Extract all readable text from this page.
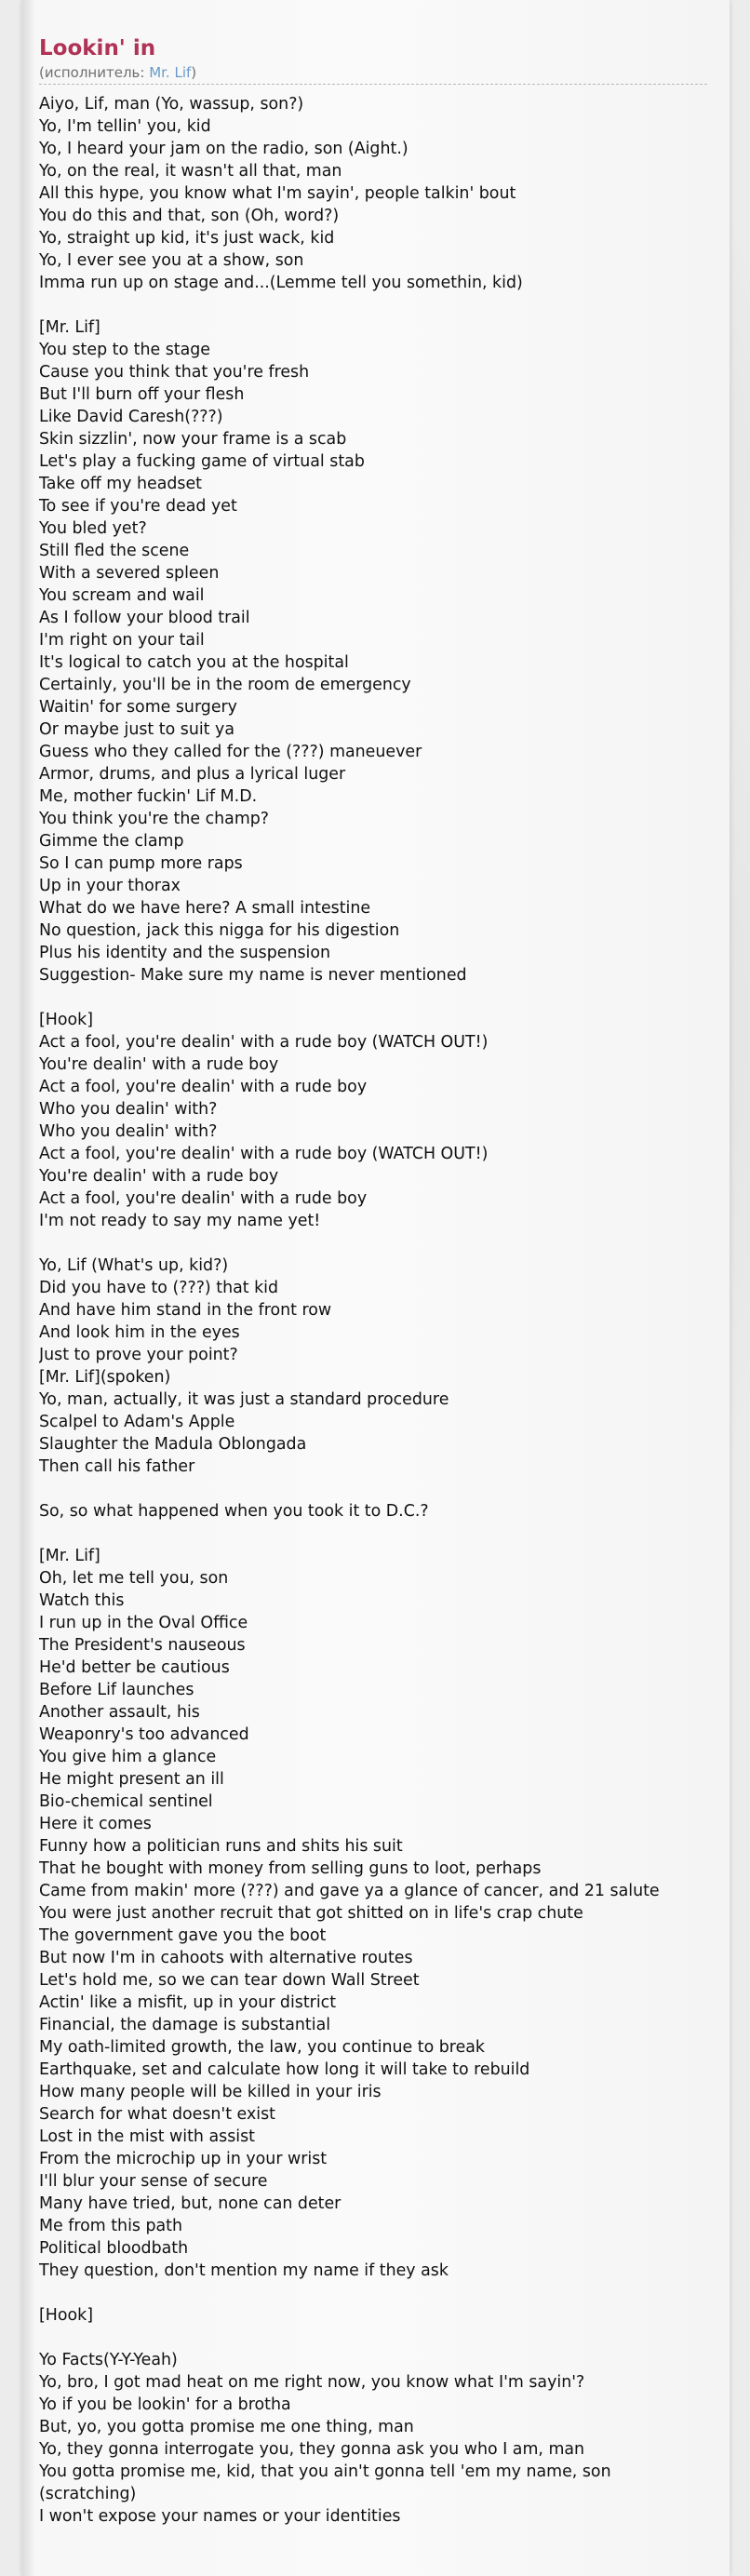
Lookin' in
(исполнитель: Mr. Lif)
Aiyo, Lif, man (Yo, wassup, son?)
Yo, I'm tellin' you, kid
Yo, I heard your jam on the radio, son (Aight.)
Yo, on the real, it wasn't all that, man
All this hype, you know what I'm sayin', people talkin' bout
You do this and that, son (Oh, word?)
Yo, straight up kid, it's just wack, kid
Yo, I ever see you at a show, son
Imma run up on stage and...(Lemme tell you somethin, kid)

[Mr. Lif]
You step to the stage
Cause you think that you're fresh
But I'll burn off your flesh
Like David Caresh(???)
Skin sizzlin', now your frame is a scab
Let's play a fucking game of virtual stab
Take off my headset
To see if you're dead yet
You bled yet?
Still fled the scene
With a severed spleen
You scream and wail
As I follow your blood trail
I'm right on your tail
It's logical to catch you at the hospital
Certainly, you'll be in the room de emergency
Waitin' for some surgery
Or maybe just to suit ya
Guess who they called for the (???) maneuever
Armor, drums, and plus a lyrical luger
Me, mother fuckin' Lif M.D.
You think you're the champ?
Gimme the clamp
So I can pump more raps
Up in your thorax
What do we have here? A small intestine
No question, jack this nigga for his digestion
Plus his identity and the suspension
Suggestion- Make sure my name is never mentioned

[Hook]
Act a fool, you're dealin' with a rude boy (WATCH OUT!)
You're dealin' with a rude boy
Act a fool, you're dealin' with a rude boy
Who you dealin' with?
Who you dealin' with?
Act a fool, you're dealin' with a rude boy (WATCH OUT!)
You're dealin' with a rude boy
Act a fool, you're dealin' with a rude boy
I'm not ready to say my name yet!

Yo, Lif (What's up, kid?)
Did you have to (???) that kid
And have him stand in the front row
And look him in the eyes
Just to prove your point?
[Mr. Lif](spoken)
Yo, man, actually, it was just a standard procedure
Scalpel to Adam's Apple
Slaughter the Madula Oblongada
Then call his father

So, so what happened when you took it to D.C.?

[Mr. Lif]
Oh, let me tell you, son
Watch this
I run up in the Oval Office
The President's nauseous
He'd better be cautious
Before Lif launches
Another assault, his
Weaponry's too advanced
You give him a glance
He might present an ill
Bio-chemical sentinel
Here it comes
Funny how a politician runs and shits his suit
That he bought with money from selling guns to loot, perhaps
Came from makin' more (???) and gave ya a glance of cancer, and 21 salute
You were just another recruit that got shitted on in life's crap chute
The government gave you the boot
But now I'm in cahoots with alternative routes
Let's hold me, so we can tear down Wall Street
Actin' like a misfit, up in your district
Financial, the damage is substantial
My oath-limited growth, the law, you continue to break
Earthquake, set and calculate how long it will take to rebuild
How many people will be killed in your iris
Search for what doesn't exist
Lost in the mist with assist
From the microchip up in your wrist
I'll blur your sense of secure
Many have tried, but, none can deter
Me from this path
Political bloodbath
They question, don't mention my name if they ask

[Hook]

Yo Facts(Y-Y-Yeah)
Yo, bro, I got mad heat on me right now, you know what I'm sayin'?
Yo if you be lookin' for a brotha
But, yo, you gotta promise me one thing, man
Yo, they gonna interrogate you, they gonna ask you who I am, man
You gotta promise me, kid, that you ain't gonna tell 'em my name, son
(scratching)
I won't expose your names or your identities
